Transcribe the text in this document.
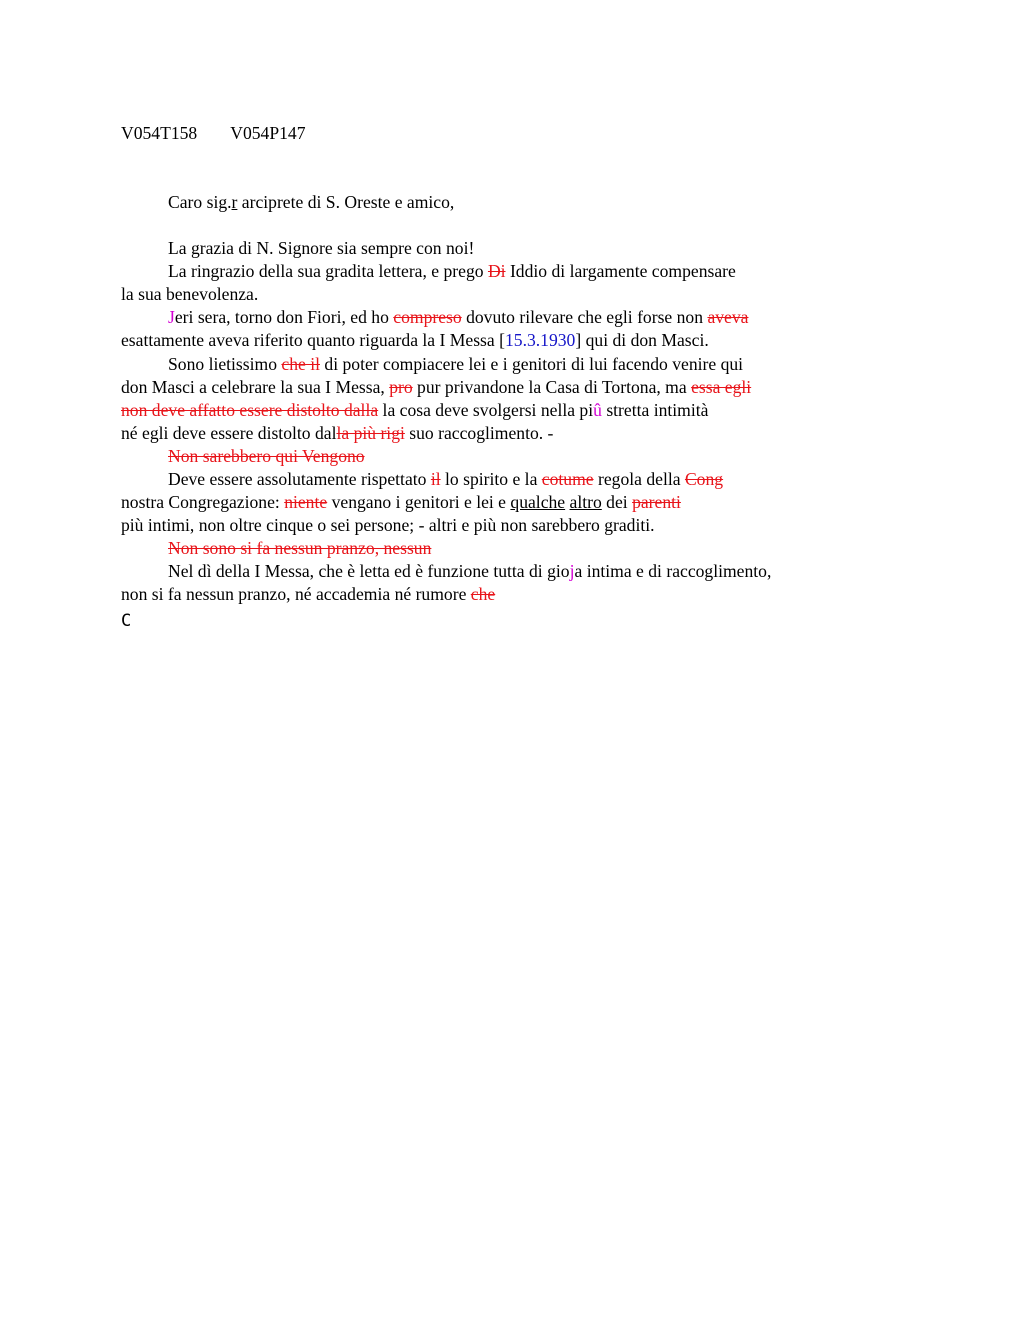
V054T158 V054P147
Caro sig.r arciprete di S. Oreste e amico,
La grazia di N. Signore sia sempre con noi!
La ringrazio della sua gradita lettera, e prego Di Iddio di largamente compensare
la sua benevolenza.
Jeri sera, torno don Fiori, ed ho compreso dovuto rilevare che egli forse non aveva
esattamente aveva riferito quanto riguarda la I Messa [15.3.1930] qui di don Masci.
Sono lietissimo che il di poter compiacere lei e i genitori di lui facendo venire qui
don Masci a celebrare la sua I Messa, pro pur privandone la Casa di Tortona, ma essa egli
non deve affatto essere distolto dalla la cosa deve svolgersi nella piû stretta intimità
né egli deve essere distolto dalla più rigi suo raccoglimento. -
Non sarebbero qui Vengono
Deve essere assolutamente rispettato il lo spirito e la cotume regola della Cong
nostra Congregazione: niente vengano i genitori e lei e qualche altro dei parenti
più intimi, non oltre cinque o sei persone; - altri e più non sarebbero graditi.
Non sono si fa nessun pranzo, nessun
Nel dì della I Messa, che è letta ed è funzione tutta di gioja intima e di raccoglimento,
non si fa nessun pranzo, né accademia né rumore che
C
